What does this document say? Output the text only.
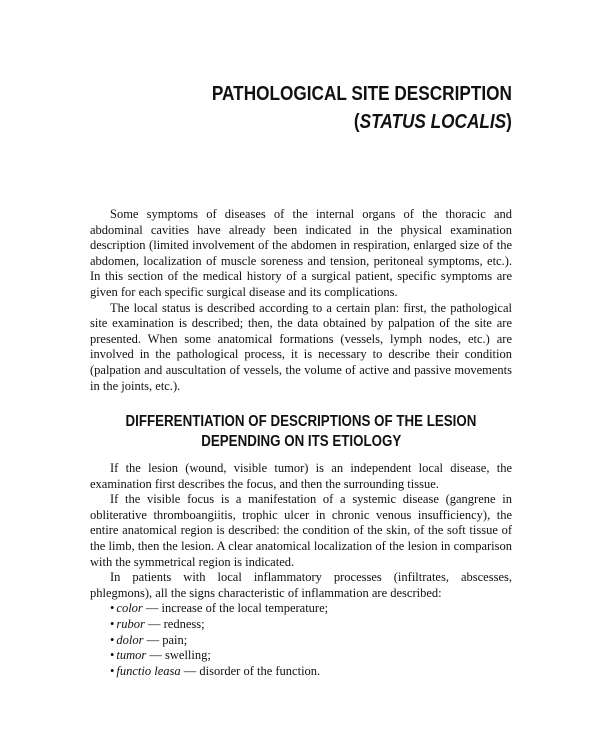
PATHOLOGICAL SITE DESCRIPTION
(STATUS LOCALIS)

Some symptoms of diseases of the internal organs of the thoracic and abdominal cavities have already been indicated in the physical examination description (limited involvement of the abdomen in respiration, enlarged size of the abdomen, localization of muscle soreness and tension, peritoneal symptoms, etc.). In this section of the medical history of a surgical patient, specific symptoms are given for each specific surgical disease and its complications.

The local status is described according to a certain plan: first, the pathological site examination is described; then, the data obtained by palpation of the site are presented. When some anatomical formations (vessels, lymph nodes, etc.) are involved in the pathological process, it is necessary to describe their condition (palpation and auscultation of vessels, the volume of active and passive movements in the joints, etc.).

DIFFERENTIATION OF DESCRIPTIONS OF THE LESION
DEPENDING ON ITS ETIOLOGY

If the lesion (wound, visible tumor) is an independent local disease, the examination first describes the focus, and then the surrounding tissue.

If the visible focus is a manifestation of a systemic disease (gangrene in obliterative thromboangiitis, trophic ulcer in chronic venous insufficiency), the entire anatomical region is described: the condition of the skin, of the soft tissue of the limb, then the lesion. A clear anatomical localization of the lesion in comparison with the symmetrical region is indicated.

In patients with local inflammatory processes (infiltrates, abscesses, phlegmons), all the signs characteristic of inflammation are described:

• color — increase of the local temperature;
• rubor — redness;
• dolor — pain;
• tumor — swelling;
• functio leasa — disorder of the function.
